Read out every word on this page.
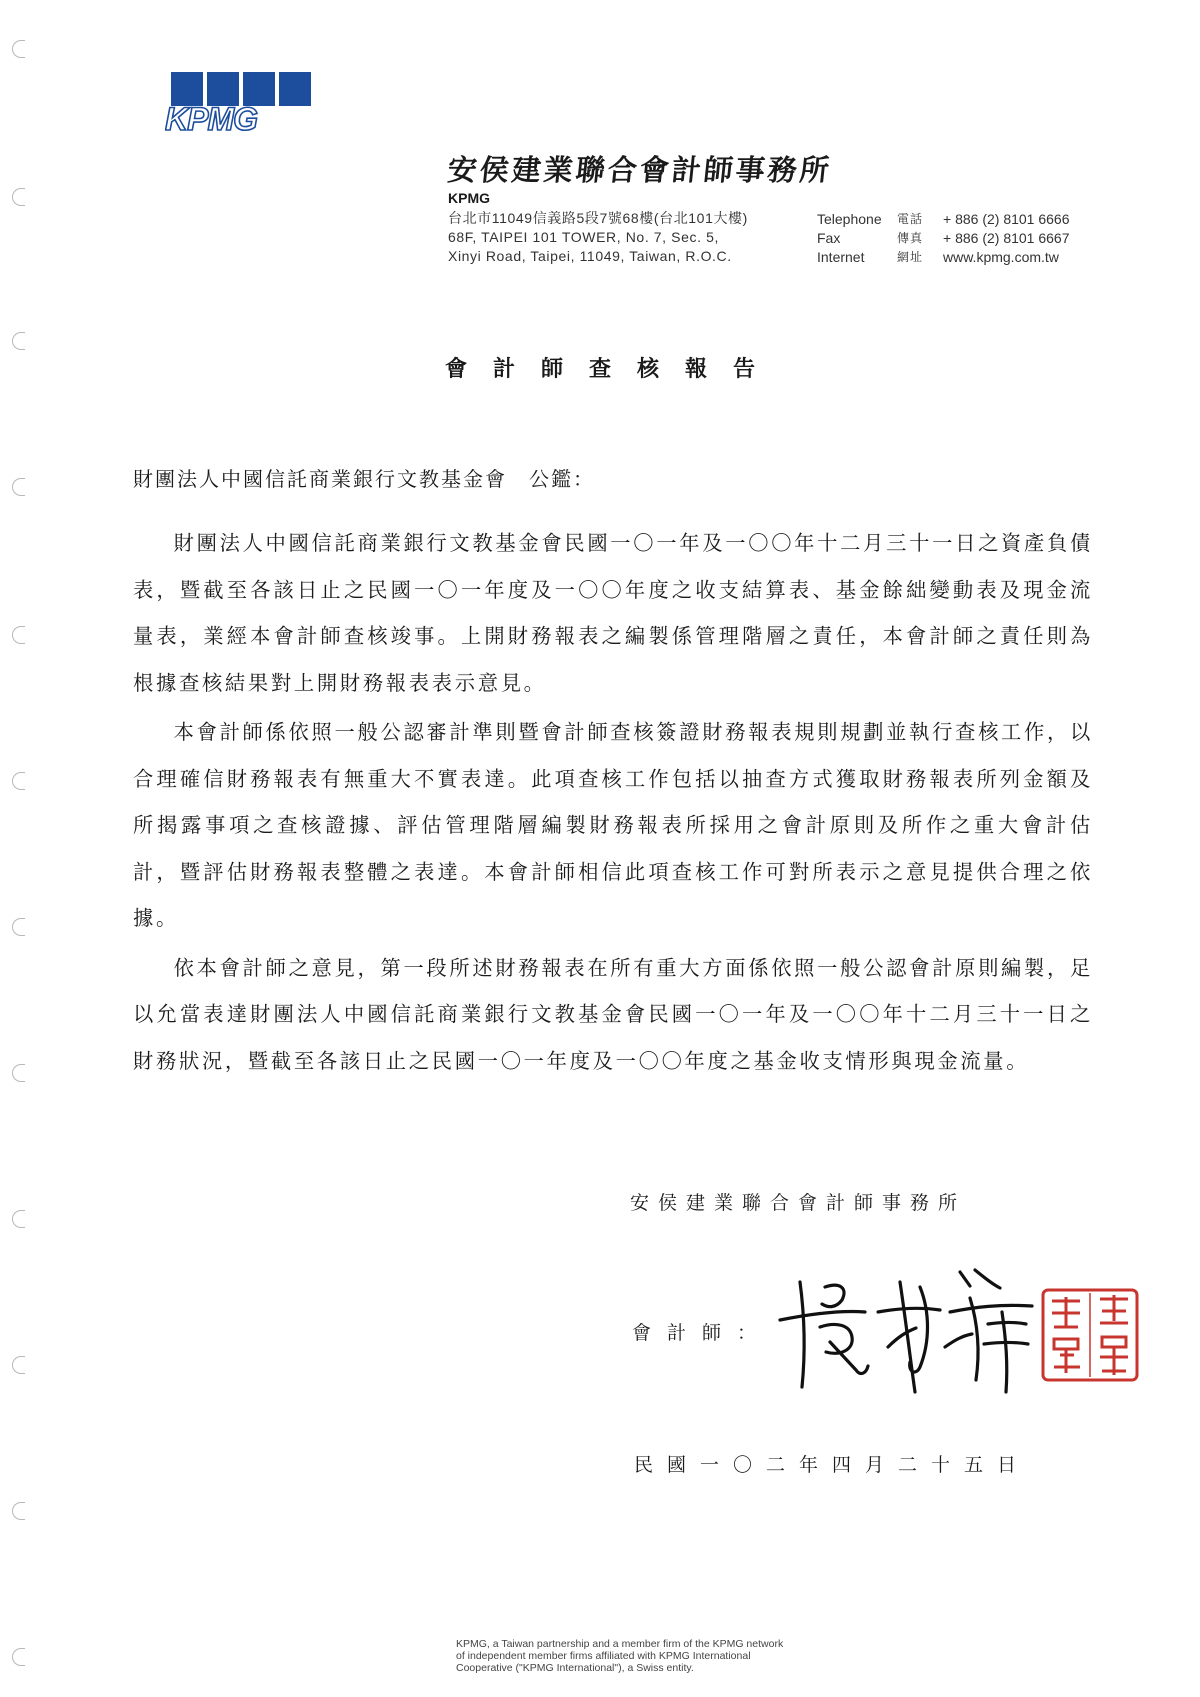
KPMG
安侯建業聯合會計師事務所
KPMG
台北市11049信義路5段7號68樓(台北101大樓)
68F, TAIPEI 101 TOWER, No. 7, Sec. 5,
Xinyi Road, Taipei, 11049, Taiwan, R.O.C.
Telephone	電話	+ 886 (2) 8101 6666
Fax	傳真	+ 886 (2) 8101 6667
Internet	網址	www.kpmg.com.tw
會計師查核報告
財團法人中國信託商業銀行文教基金會　公鑑：

財團法人中國信託商業銀行文教基金會民國一〇一年及一〇〇年十二月三十一日之資產負債表，暨截至各該日止之民國一〇一年度及一〇〇年度之收支結算表、基金餘絀變動表及現金流量表，業經本會計師查核竣事。上開財務報表之編製係管理階層之責任，本會計師之責任則為根據查核結果對上開財務報表表示意見。

本會計師係依照一般公認審計準則暨會計師查核簽證財務報表規則規劃並執行查核工作，以合理確信財務報表有無重大不實表達。此項查核工作包括以抽查方式獲取財務報表所列金額及所揭露事項之查核證據、評估管理階層編製財務報表所採用之會計原則及所作之重大會計估計，暨評估財務報表整體之表達。本會計師相信此項查核工作可對所表示之意見提供合理之依據。

依本會計師之意見，第一段所述財務報表在所有重大方面係依照一般公認會計原則編製，足以允當表達財團法人中國信託商業銀行文教基金會民國一〇一年及一〇〇年十二月三十一日之財務狀況，暨截至各該日止之民國一〇一年度及一〇〇年度之基金收支情形與現金流量。

安侯建業聯合會計師事務所
會計師：
民國一〇二年四月二十五日
KPMG, a Taiwan partnership and a member firm of the KPMG network
of independent member firms affiliated with KPMG International
Cooperative ("KPMG International"), a Swiss entity.
